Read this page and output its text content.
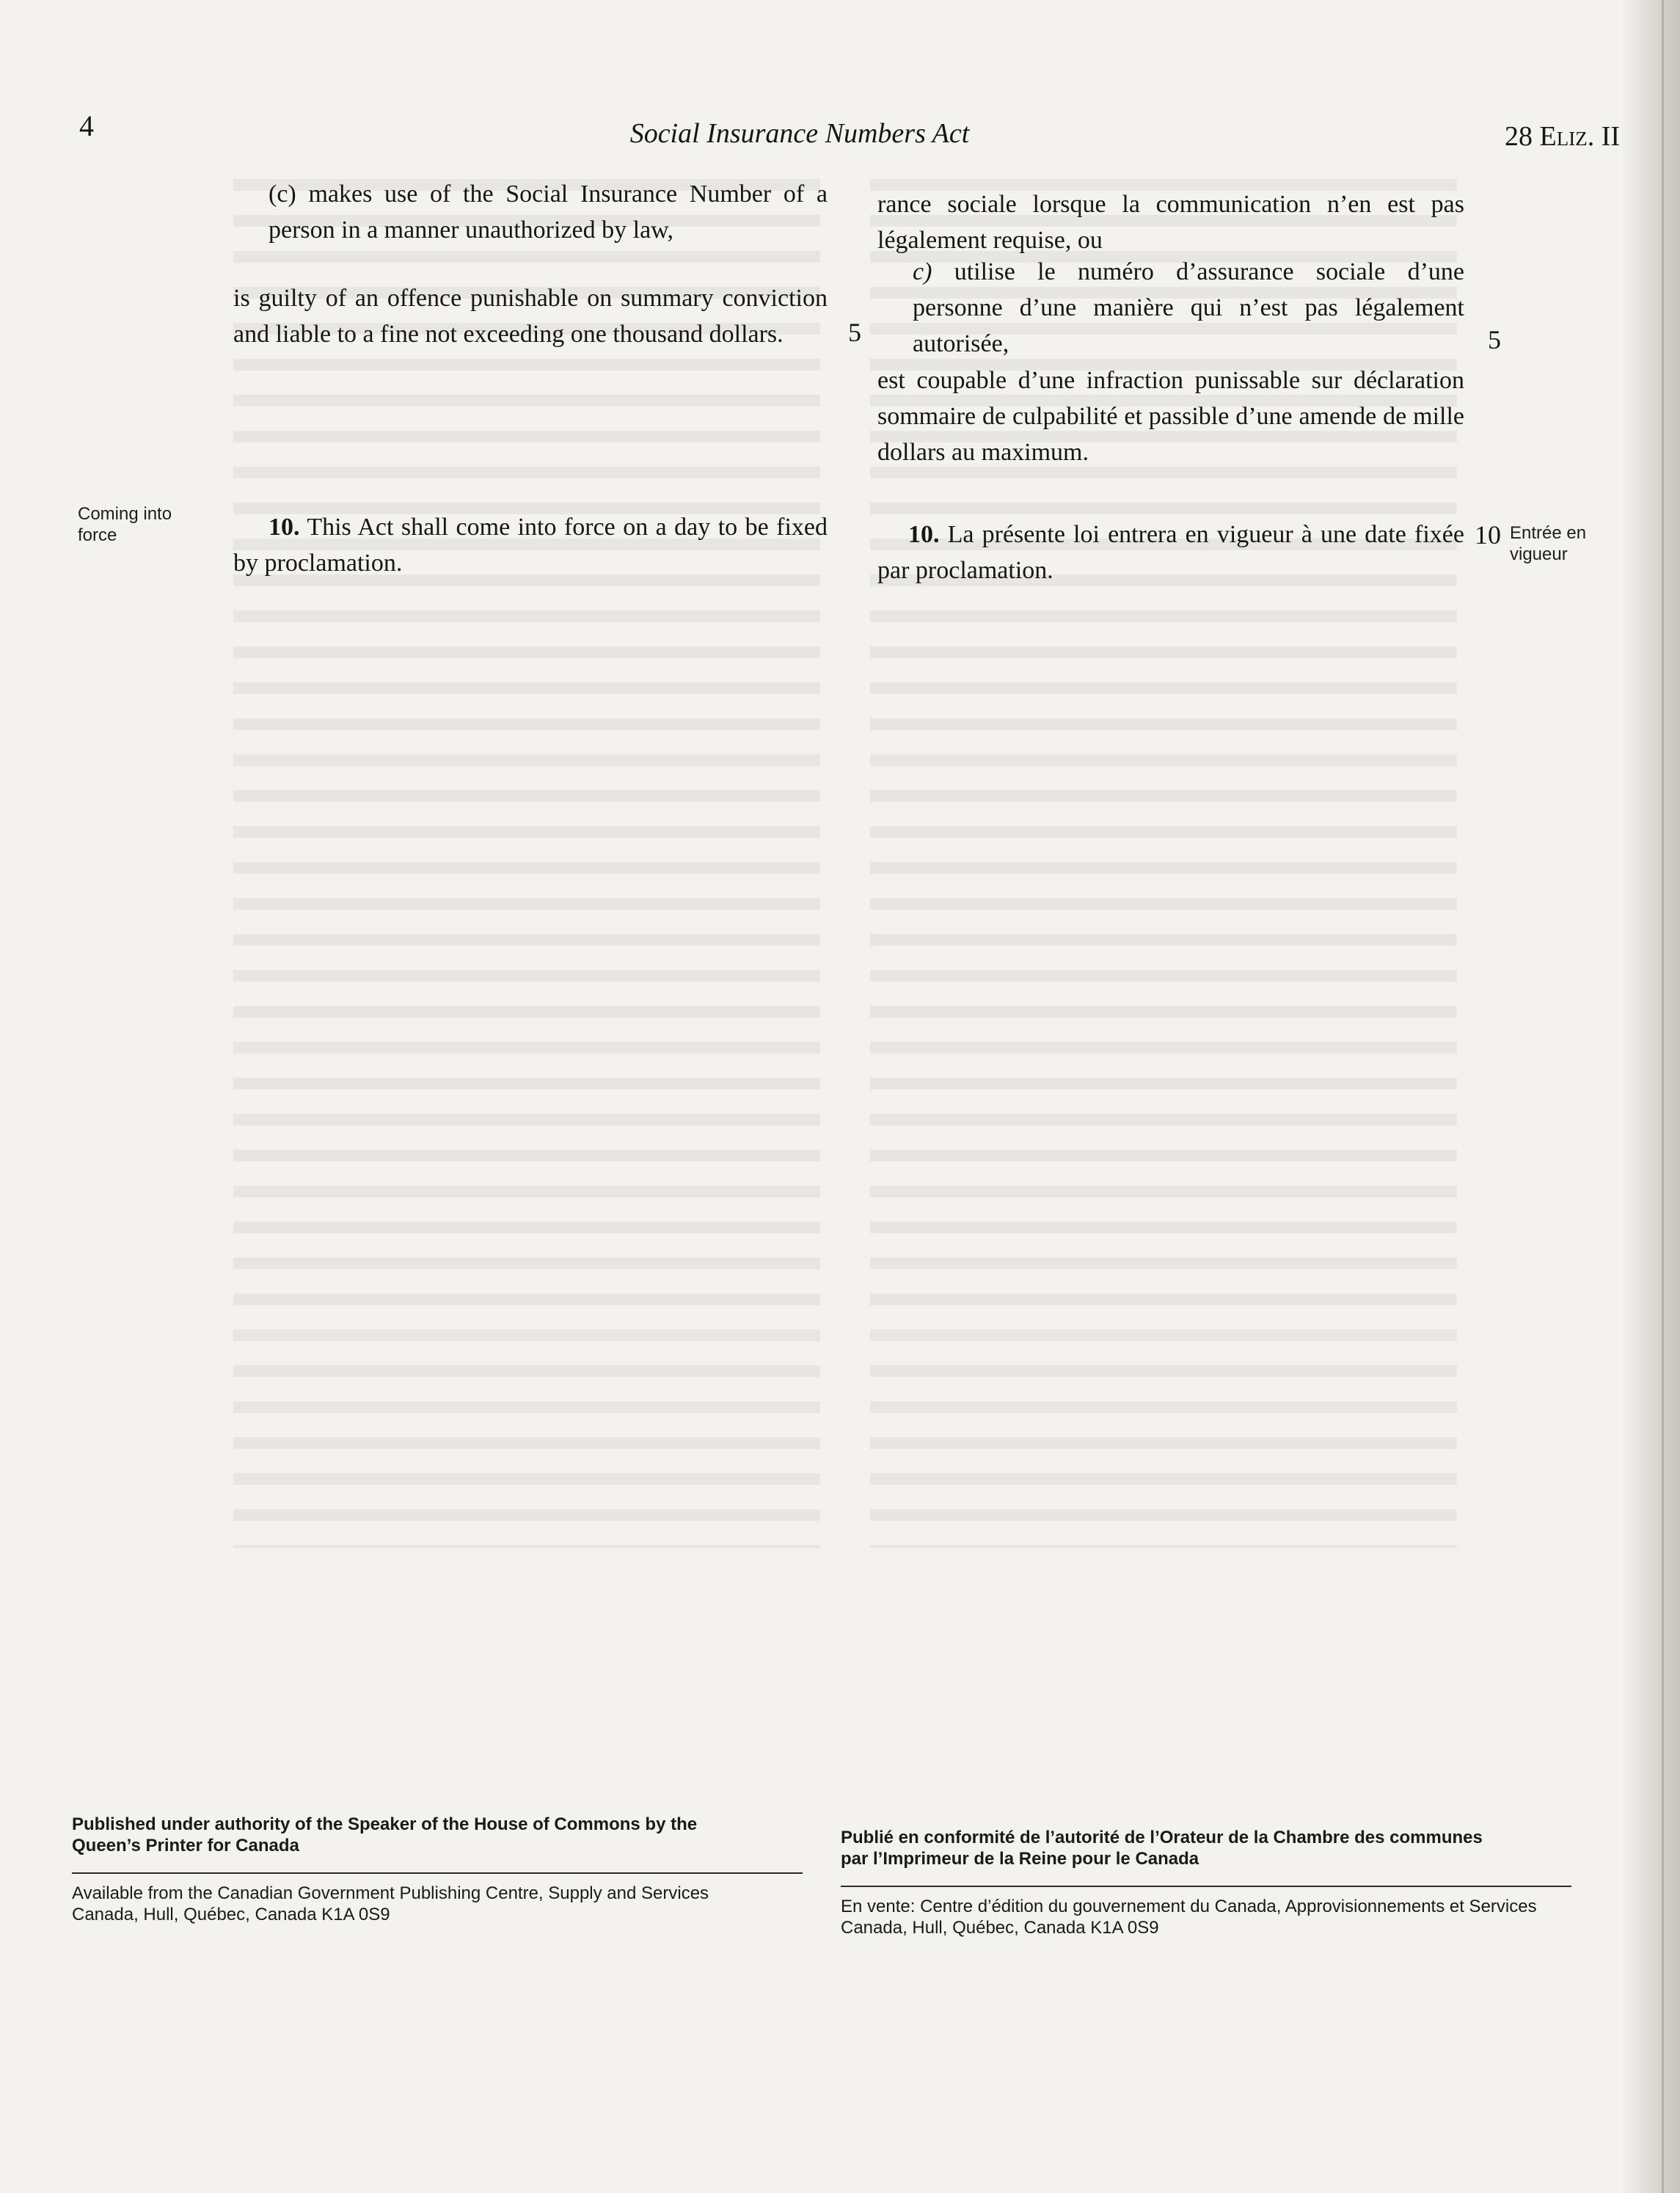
4	Social Insurance Numbers Act	28 Eliz. II
(c) makes use of the Social Insurance Number of a person in a manner unauthorized by law,
is guilty of an offence punishable on summary conviction and liable to a fine not exceeding one thousand dollars.
10. This Act shall come into force on a day to be fixed by proclamation.
Coming into force	Entrée en vigueur
5	5
10
rance sociale lorsque la communication n’en est pas légalement requise, ou
c) utilise le numéro d’assurance sociale d’une personne d’une manière qui n’est pas légalement autorisée,
est coupable d’une infraction punissable sur déclaration sommaire de culpabilité et passible d’une amende de mille dollars au maximum.
10. La présente loi entrera en vigueur à une date fixée par proclamation.
Published under authority of the Speaker of the House of Commons by the Queen’s Printer for Canada
Available from the Canadian Government Publishing Centre, Supply and Services Canada, Hull, Québec, Canada K1A 0S9
Publié en conformité de l’autorité de l’Orateur de la Chambre des communes par l’Imprimeur de la Reine pour le Canada
En vente: Centre d’édition du gouvernement du Canada, Approvisionnements et Services Canada, Hull, Québec, Canada K1A 0S9
